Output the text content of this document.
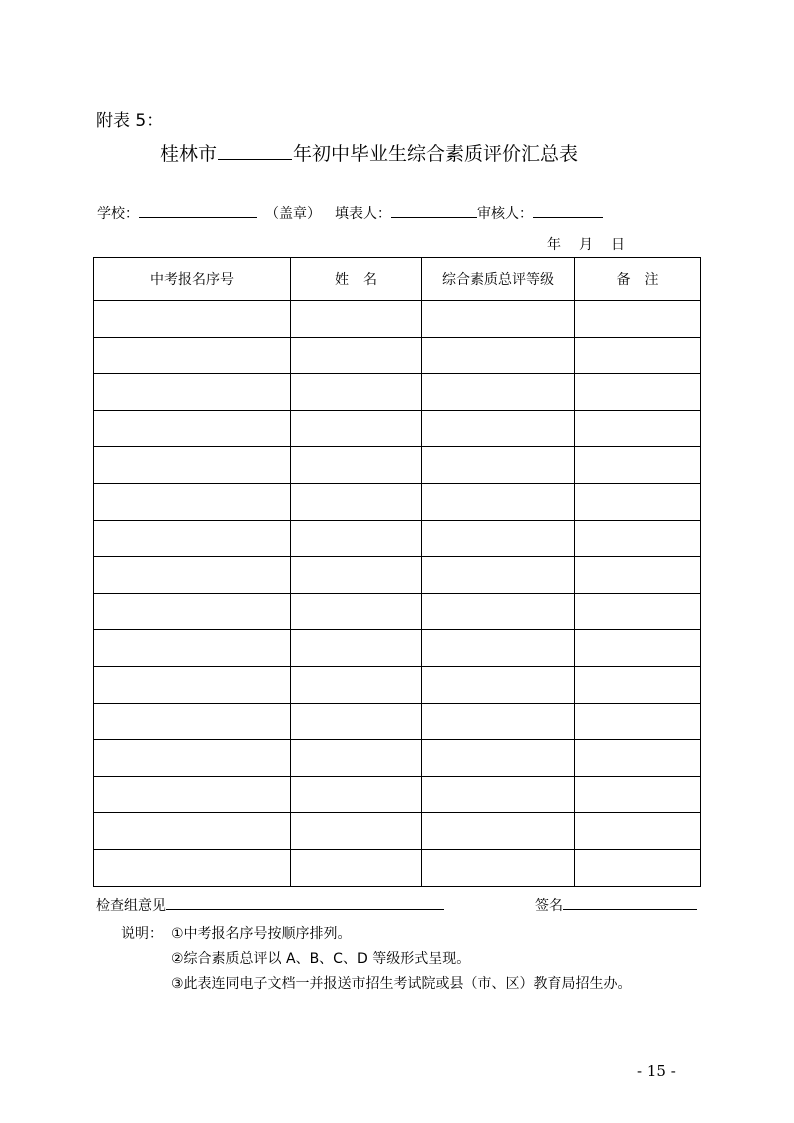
附表 5：
桂林市	年初中毕业生综合素质评价汇总表
学校：	（盖章） 填表人：	审核人：
年 月 日
中考报名序号	姓　名	综合素质总评等级	备　注

检查组意见	签名
说明： ①中考报名序号按顺序排列。
②综合素质总评以 A、B、C、D 等级形式呈现。
③此表连同电子文档一并报送市招生考试院或县（市、区）教育局招生办。
- 15 -
